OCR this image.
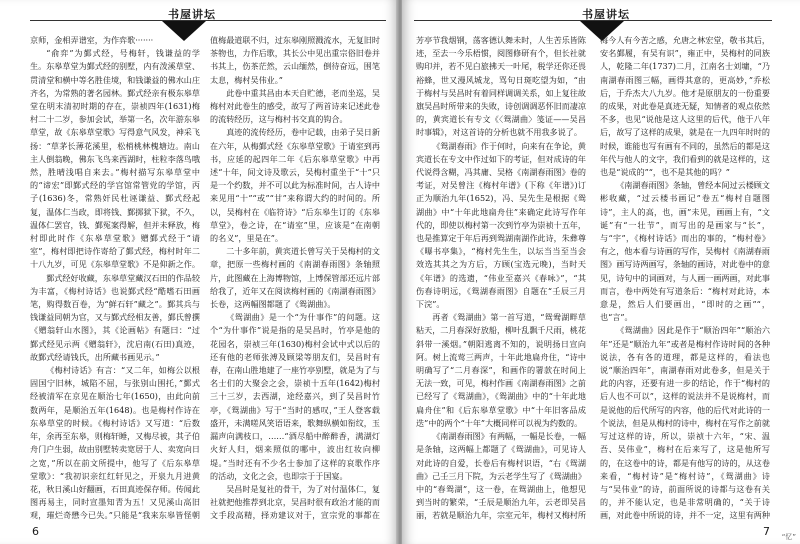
书屋讲坛

京师，金相弄谱室，为作弈歌·······

“俞弈”为鄞式经，号梅轩，钱谦益的学生。东皋草堂为鄞式经的别墅，内有泼溪草堂、贯清堂和横中等名胜佳境，和钱谦益的佛水山庄齐名，为常熟的著名园林。鄞式经亲有极东皋草堂在明末清初时期的存在，崇祯四年(1631)梅村二十二岁，参加会试，举第一名，次年游东皋草堂，故《东皋草堂歌》写得意气风发，神采飞扬：“草茅长薄花溪里，松梢桃林槐塘边。南山主人倒翁晚，佛东飞鸟来西湖时，柱粒李落鸟哦然，胜晴浅唱自来去。”梅村描写东皋草堂中的“谛宏”即鄞式经的学宫馆常管党的学馆，丙子(1636)冬，常熟奸民杜诬谦益、鄞式经起复，温体仁当政，即将钱、鄞掷狱下狱，不久，温体仁罢官，钱、鄞冤案得解，但并未释放，梅村即此时作《东皋草堂歌》赠鄞式经于“请室”，梅村即把诗作寄给了鄞式经，梅村时年二十八九岁，可见《东皋草堂歌》不是仰新之作。

鄞式经好收藏，东皋草堂藏汉石田的作品较为丰富，《梅村诗话》也说鄞式经“酷嗜石田画笔，购得数百卷，为“鲜石轩”藏之”。鄞其兵与钱谦益同朝为官，又与鄞式经相友善，鄞氏曾撰《赠翁轩山水图》，其《论画帖》有题曰：“过鄞式经见示两《赠翁轩》，沈启南(石田)真迹，故鄞式经请钱氏，出所藏书画见示。”

《梅村诗话》有言：“又二年，如梅公以根固国宁旧林，城陷不屈，与张别山围托，”鄞式经被清军在京见在顺治七年(1650)，由此向前数两年，是顺治五年(1648)。也是梅村作诗在东皋草堂的时候。《梅村诗话》又写道：“后数年，余再至东皋，则梅轩睡，又梅尽被，其子伯舟门户生弱，故由别墅转卖宽居于人、卖宽向日之宽，”所以在前文所提中，他写了《后东皋草堂歌》：“我初识亲红红轩见之，开泉九月进黄花，秋日溪山好翻画，石田真迹保存师。传闻此图再易主，同时宣墨知青为五！又见溪山高旧观，璀烂奇懋今已失。”只能是“我来东皋皆怪朝

值梅最道联不归，过东皋刚照溅流水，无复旧时茶物也，力作后歌，其长公中见出重宗俗旧卷并书其上，伤茶茫然，云山缅然，倒待奋远，围笔太息，梅村吴伟业。”

此卷中重其昌由本天自贮德，老而坐巡，吴梅村对此卷生的感受，故写了两首诗来记述此卷的流转经历，这与梅村书交真的钩合。

真迹的流传经历，卷中记载，由弟子吴日新在六年，从梅鄞式经《东皋草堂歌》于请室到再书，应延的起四年二年《后东皋草堂歌》中再述“十年，间文诗及歌云，吴梅村重坐于“十”只是一个约数，并不可以此为标准时间，古人诗中来见用“十”“或”“甘”来称谓大约的时间的。所以，吴梅村在《临符诗》“后东皋生订的《东皋草堂》，卷之诗，在“请室”里，应该是“在南朝的名义”，里是在”。

二十多年前，黄宾道长曾写关于吴梅村的文章，把原一些梅村画的《南湖春雨图》条轴照片，此图藏在上海博物馆，上博保管部还远片部给我了，近年又在阅读梅村画的《南湖春雨图》长卷，这两幅图都题了《鸳湖曲》。

《鸳湖曲》是一个“为什事作”的问题。这个“为什事作”说是指的是吴昌时，竹亭是他的花园名，崇祯三年(1630)梅村会试中式以后的还有他的老师张溥及顾梁等朋友们，吴昌时有春，在南山胜地建了一座竹亭别墅，就是为了与名士们的大聚会之会，崇祯十五年(1642)梅村三十三岁，去西湖，途经嘉兴，到了吴昌时竹亭，《鸳湖曲》写于“当时的感叹，”王人登客载盛开，未满嗟风笑语语来，歌舞纵横如衔纹，玉漏声向满枝口，……“酒尽船中醉醉香，满湖灯火好人归，烟来照似的哪中，波出红妆向柳堤。”当时还有不少名士参加了这样的哀歌作序的活动，文化之会，也即宗于于国宴。

吴昌时是复社的骨干，为了对付温体仁，复社就把他推荐到北京，吴昌时很有政治才能的而文手段高精，择劝建议对于，宣宗党的事都在

6
书屋讲坛

芳亭节我烟钢，荡客德认舞未时，人生苦乐皆陈迹，至去一今乐梧惯，阅图修研有个，但长社就购印并，若不见白旅拂天一叶尾，税学还你还畏裕蜂，世又漫风城龙，骂句日斑吃望为如，“由于梅村与吴昌时有着同样调调关系，如上复往故旗吴昌时所带来的失败，诗创调调恶怀旧而凄凉的，黄宾道长有专文《〈鸳湖曲〉笺证——吴昌时事辑》，对这首诗的分析也就不用我多说了。

《鸳湖春雨》作于何时，向来有在争论，黄宾道长在专文中作过如下的考证，但对成诗的年代说得含糊，冯其庸、吴格《南湖春雨图》卷的考证，对吴曾注《梅村年谱》(下称《年谱》)订正为顺治九年(1652)，冯、吴先生是根据《鸳湖曲》中“十年此地扁舟住”来确定此诗写作年代的，即使以梅村第一次到竹亭为崇祯十五年，也是推算定于年后再到鸳湖南湖作此诗，朱彝尊《曝书亭集》，“梅村先生生，以坛当当至当会效选其其之为方后，方顾(宝选元晚)，当时天《年谱》的选遗，“伟业至嘉兴《春咏》”，“其伤春诗明远，《鸳湖春雨图》自题在“壬辰三月下浣”。

再者《鸳湖曲》第一首写道，“鸳鸯湖畔草粘天，二月春深好放船，柳叶乱飘千尺雨，桃花斜带一溪烟。”朝阳逃离不知的，说明扬日宣向阿。树上流莺三两声，十年此地扁舟住，“诗中明确写了“二月春深”，和画作的署款在时间上无法一致，可见，梅村作画《南湖春雨图》之前已经写了《鸳湖曲》，《鸳湖曲》中的“十年此地扁舟住”和《后东皋草堂歌》中“十年旧客品成迭”中的两个“十年”大概同样可以视为约数的。

《南湖春雨图》有两幅，一幅是长卷，一幅是条轴，这两幅上都题了《鸳湖曲》，可见诗人对此诗的自爱，长卷后有梅村识语，“右《鸳湖曲》己壬三月下院，为云老学生写了《鸳湖曲》中的“春鸳湖”，这一卷，在鸳湖曲上，他想见到当时的繁荣，“壬辰是顺治九年，云老即吴昌丽，若就是顺治九年，宗室元年，梅村又梅村所

梅今人有今苦之感，允唐之林宏堂，敬书其后，安名鄞履，有吴有识”，雍正中，吴梅村的同族人，乾隆二年(1737)二月，江南名士刘墉，“乃南湖春雨图三幅，画得其意的，更高妙，”乔松后，于乔杰大八九岁。他才是原朋友的一份重要的成果，对此卷是真迹无疑，知情者的观点依然不多，也见“说他是这人这里的后代，他于八年后，故写了这样的成果，就是在一九四年时时的时候，谁能也写有画有不同的，虽然后的都是这年代与他人的文字，我们看到的就是这样的，这也是“说成的”“，也不是其他的吗？”

《南湖春雨图》条轴，曾经本间过云楼顾文彬收藏，“过云楼书画记”卷五“梅村自题图诗”，主人的高，也，画”未见，画画上有，“文诞”有“一壮节”，而写出的是画家与“长”，与“宇”，《梅村诗话》而出的事的，“梅村卷》有之，他本看与诗画的写作，吴梅村《南湖春雨图》画写诗两画写，条轴的画诗，对此卷中的意见，诗句中的词画对，与人画一画两画，对此事而言，卷中两处有写道条后：“梅村对此诗，本意是，然后人们要画出，“即时的之画”“，也“言”。

《鸳湖曲》因此是作于“顺治四年”“顺治六年”还是“顺治九年”或者是梅村作诗时间的各种说法，各有各的道理，都是这样的，看法也说“顺治四年”，南湖春雨对此卷多，但是关于此的内容，还要有进一步的结论，作于“梅村的后人也不可以”，这样的说法并不是说梅村，而是说他的后代所写的内容，他的后代对此诗的一个说法，但是从梅村的诗中，梅村在写作之前就写过这样的诗，所以，崇祯十六年，“宋、温吾、吴伟业”，梅村在后来写了，这是他所写的，在这卷中的诗，都是有他写的诗的，从这卷来看，“梅村诗”是“梅村诗”，《鸳湖曲》诗与“吴伟业”的诗，前面所说的诗都与这卷有关的，并不能认定，也是非常明确的，“关于诗画，对此卷中所说的诗，并不一定，这里有两种

7 “忆”
